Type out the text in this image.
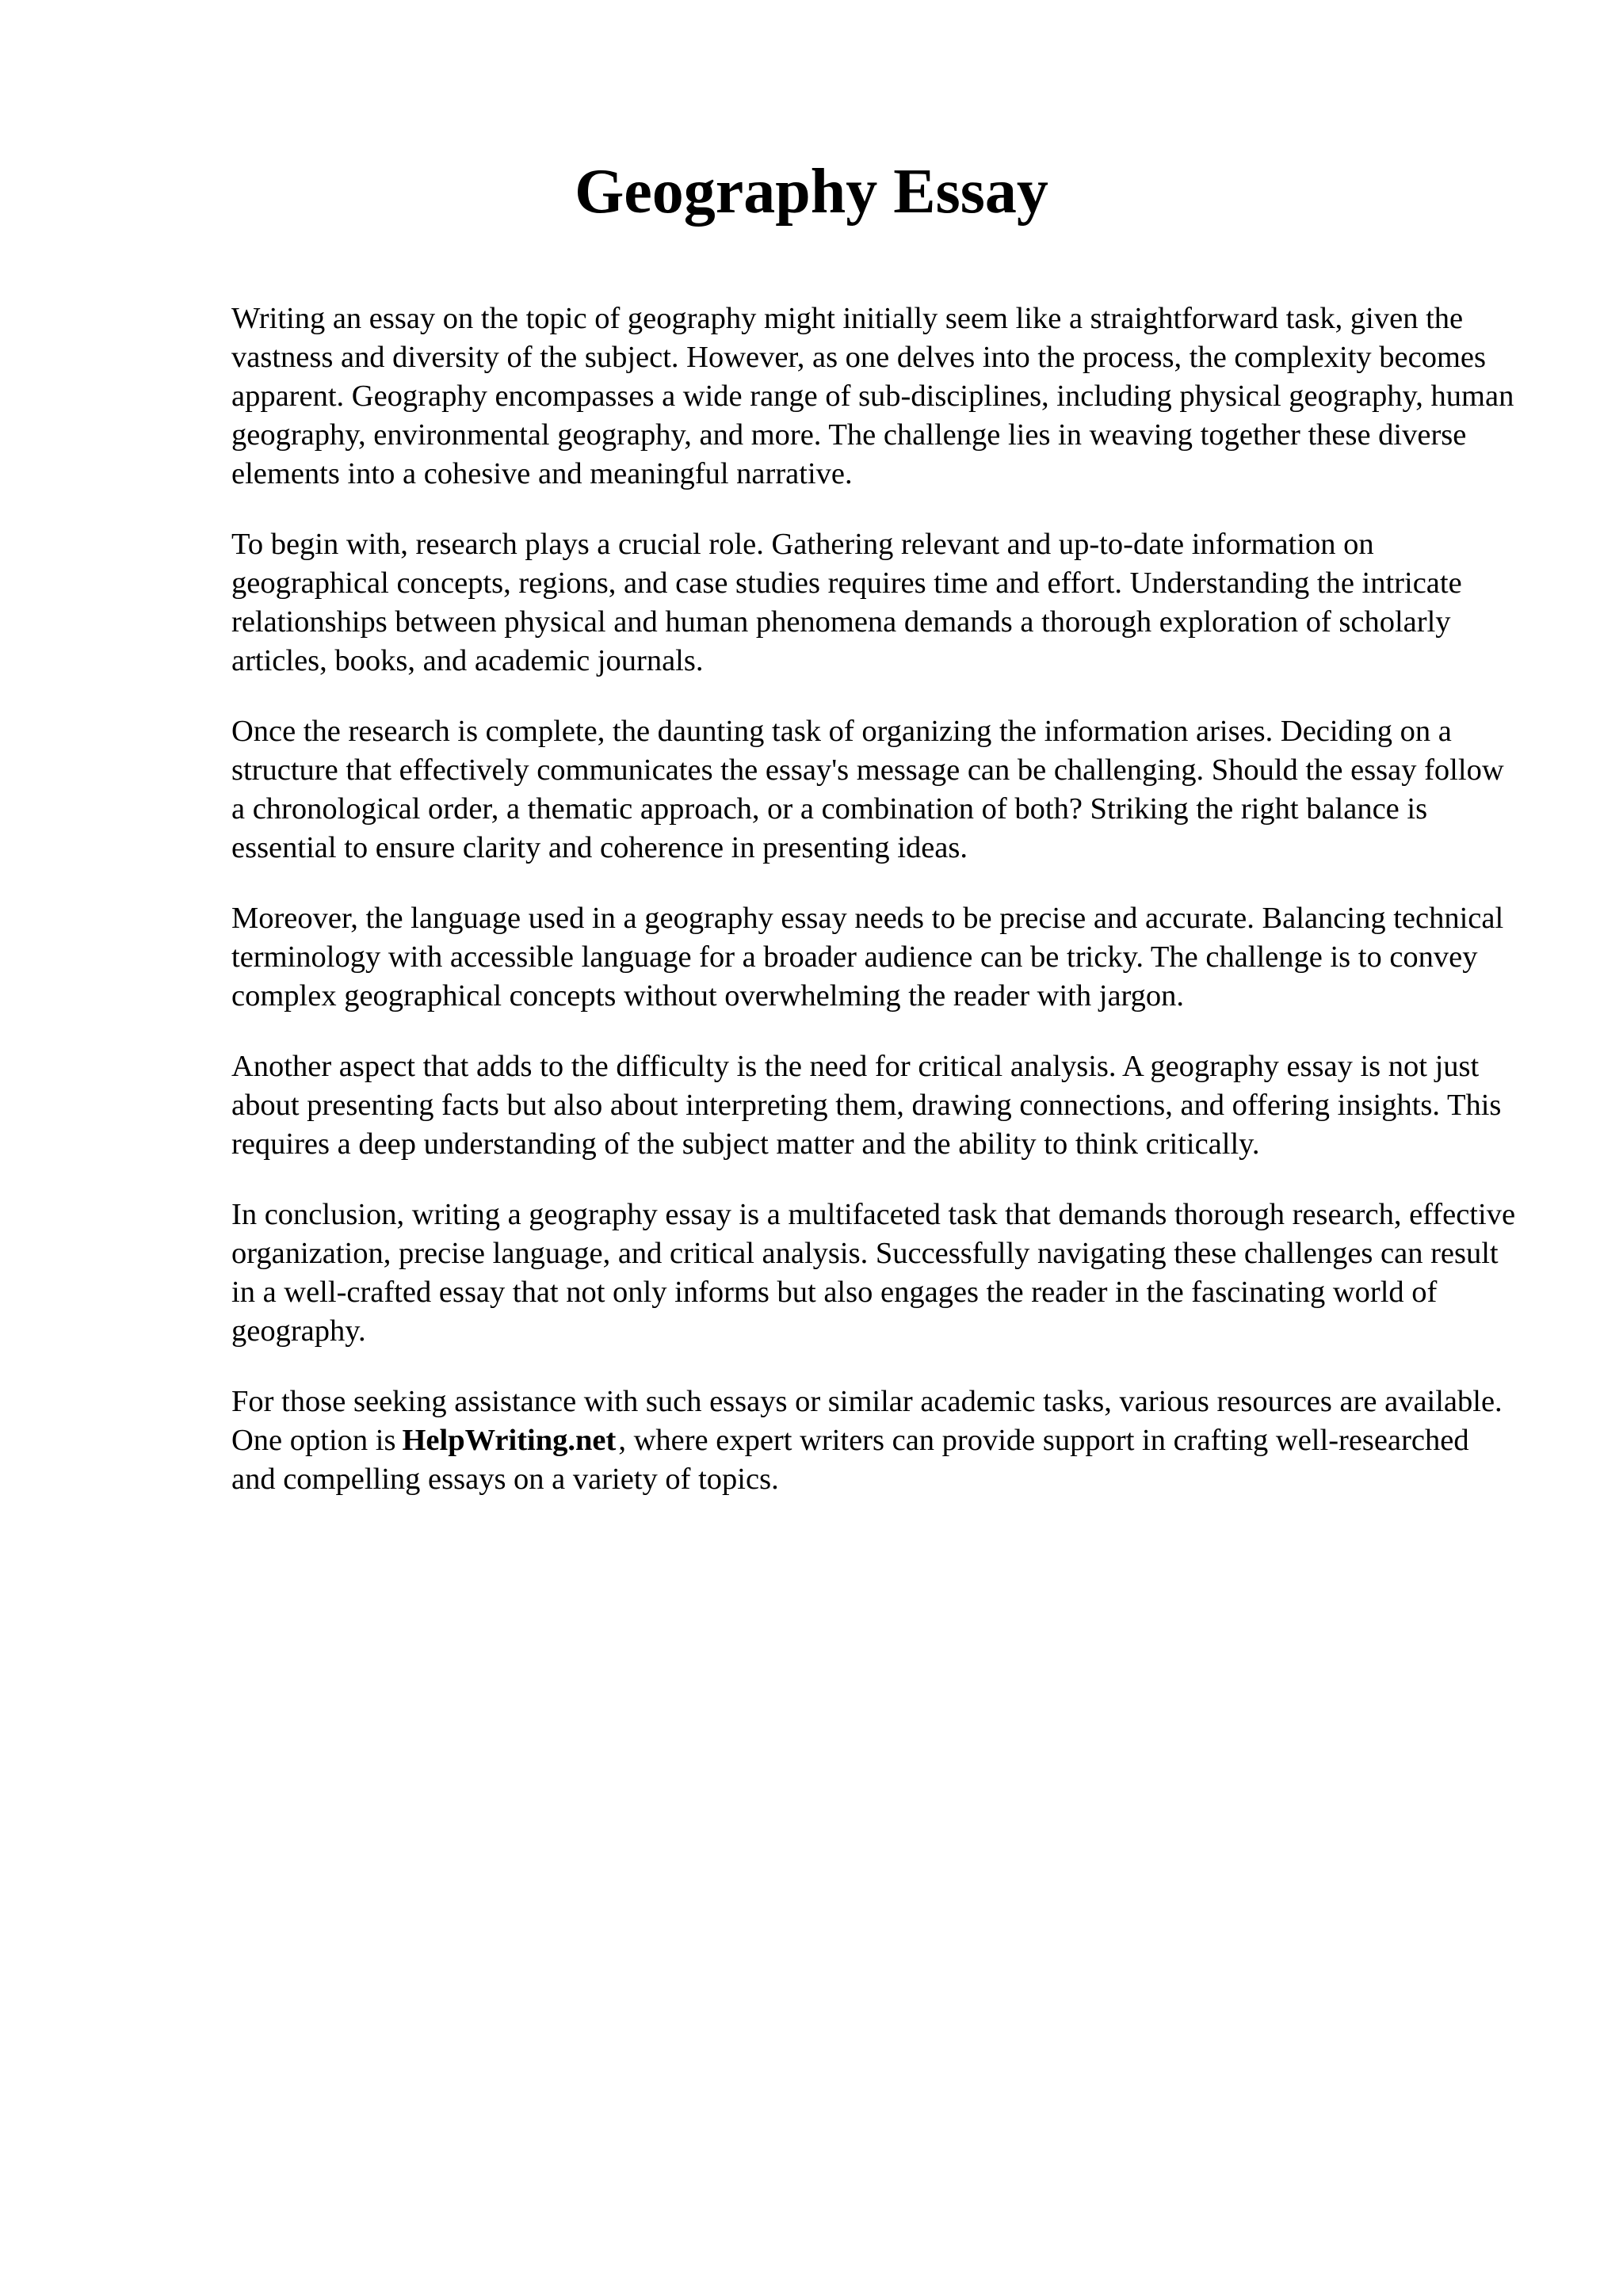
Geography Essay

Writing an essay on the topic of geography might initially seem like a straightforward task, given the vastness and diversity of the subject. However, as one delves into the process, the complexity becomes apparent. Geography encompasses a wide range of sub-disciplines, including physical geography, human geography, environmental geography, and more. The challenge lies in weaving together these diverse elements into a cohesive and meaningful narrative.

To begin with, research plays a crucial role. Gathering relevant and up-to-date information on geographical concepts, regions, and case studies requires time and effort. Understanding the intricate relationships between physical and human phenomena demands a thorough exploration of scholarly articles, books, and academic journals.

Once the research is complete, the daunting task of organizing the information arises. Deciding on a structure that effectively communicates the essay's message can be challenging. Should the essay follow a chronological order, a thematic approach, or a combination of both? Striking the right balance is essential to ensure clarity and coherence in presenting ideas.

Moreover, the language used in a geography essay needs to be precise and accurate. Balancing technical terminology with accessible language for a broader audience can be tricky. The challenge is to convey complex geographical concepts without overwhelming the reader with jargon.

Another aspect that adds to the difficulty is the need for critical analysis. A geography essay is not just about presenting facts but also about interpreting them, drawing connections, and offering insights. This requires a deep understanding of the subject matter and the ability to think critically.

In conclusion, writing a geography essay is a multifaceted task that demands thorough research, effective organization, precise language, and critical analysis. Successfully navigating these challenges can result in a well-crafted essay that not only informs but also engages the reader in the fascinating world of geography.

For those seeking assistance with such essays or similar academic tasks, various resources are available. One option is HelpWriting.net, where expert writers can provide support in crafting well-researched and compelling essays on a variety of topics.
